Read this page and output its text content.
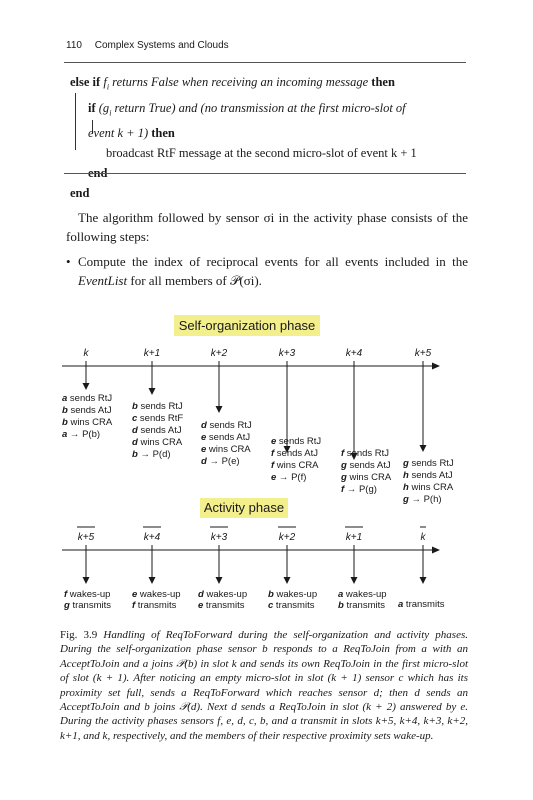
110 Complex Systems and Clouds
else if $f_i$ returns False when receiving an incoming message then
if ($g_i$ return True) and (no transmission at the first micro-slot of
event k + 1) then
broadcast RtF message at the second micro-slot of event k + 1
end
end
The algorithm followed by sensor σi in the activity phase consists of the following steps:
• Compute the index of reciprocal events for all events included in the EventList for all members of 𝒫(σi).
Self-organization phase
Activity phase
k	k+1	k+2	k+3	k+4	k+5
a sends RtJ
b sends AtJ
b wins CRA
a → P(b)
b sends RtJ
c sends RtF
d sends AtJ
d wins CRA
b → P(d)
d sends RtJ
e sends AtJ
e wins CRA
d → P(e)
e sends RtJ
f sends AtJ
f wins CRA
e → P(f)
f sends RtJ
g sends AtJ
g wins CRA
f → P(g)
g sends RtJ
h sends AtJ
h wins CRA
g → P(h)
k+5	k+4	k+3	k+2	k+1	k
f wakes-up
g transmits
e wakes-up
f transmits
d wakes-up
e transmits
b wakes-up
c transmits
a wakes-up
b transmits a transmits
Fig. 3.9 Handling of ReqToForward during the self-organization and activity phases. During the self-organization phase sensor b responds to a ReqToJoin from a with an AcceptToJoin and a joins 𝒫(b) in slot k and sends its own ReqToJoin in the first micro-slot of slot (k + 1). After noticing an empty micro-slot in slot (k + 1) sensor c which has its proximity set full, sends a ReqToForward which reaches sensor d; then d sends an AcceptToJoin and b joins 𝒫(d). Next d sends a ReqToJoin in slot (k + 2) answered by e. During the activity phases sensors f, e, d, c, b, and a transmit in slots k+5, k+4, k+3, k+2, k+1, and k, respectively, and the members of their respective proximity sets wake-up.
